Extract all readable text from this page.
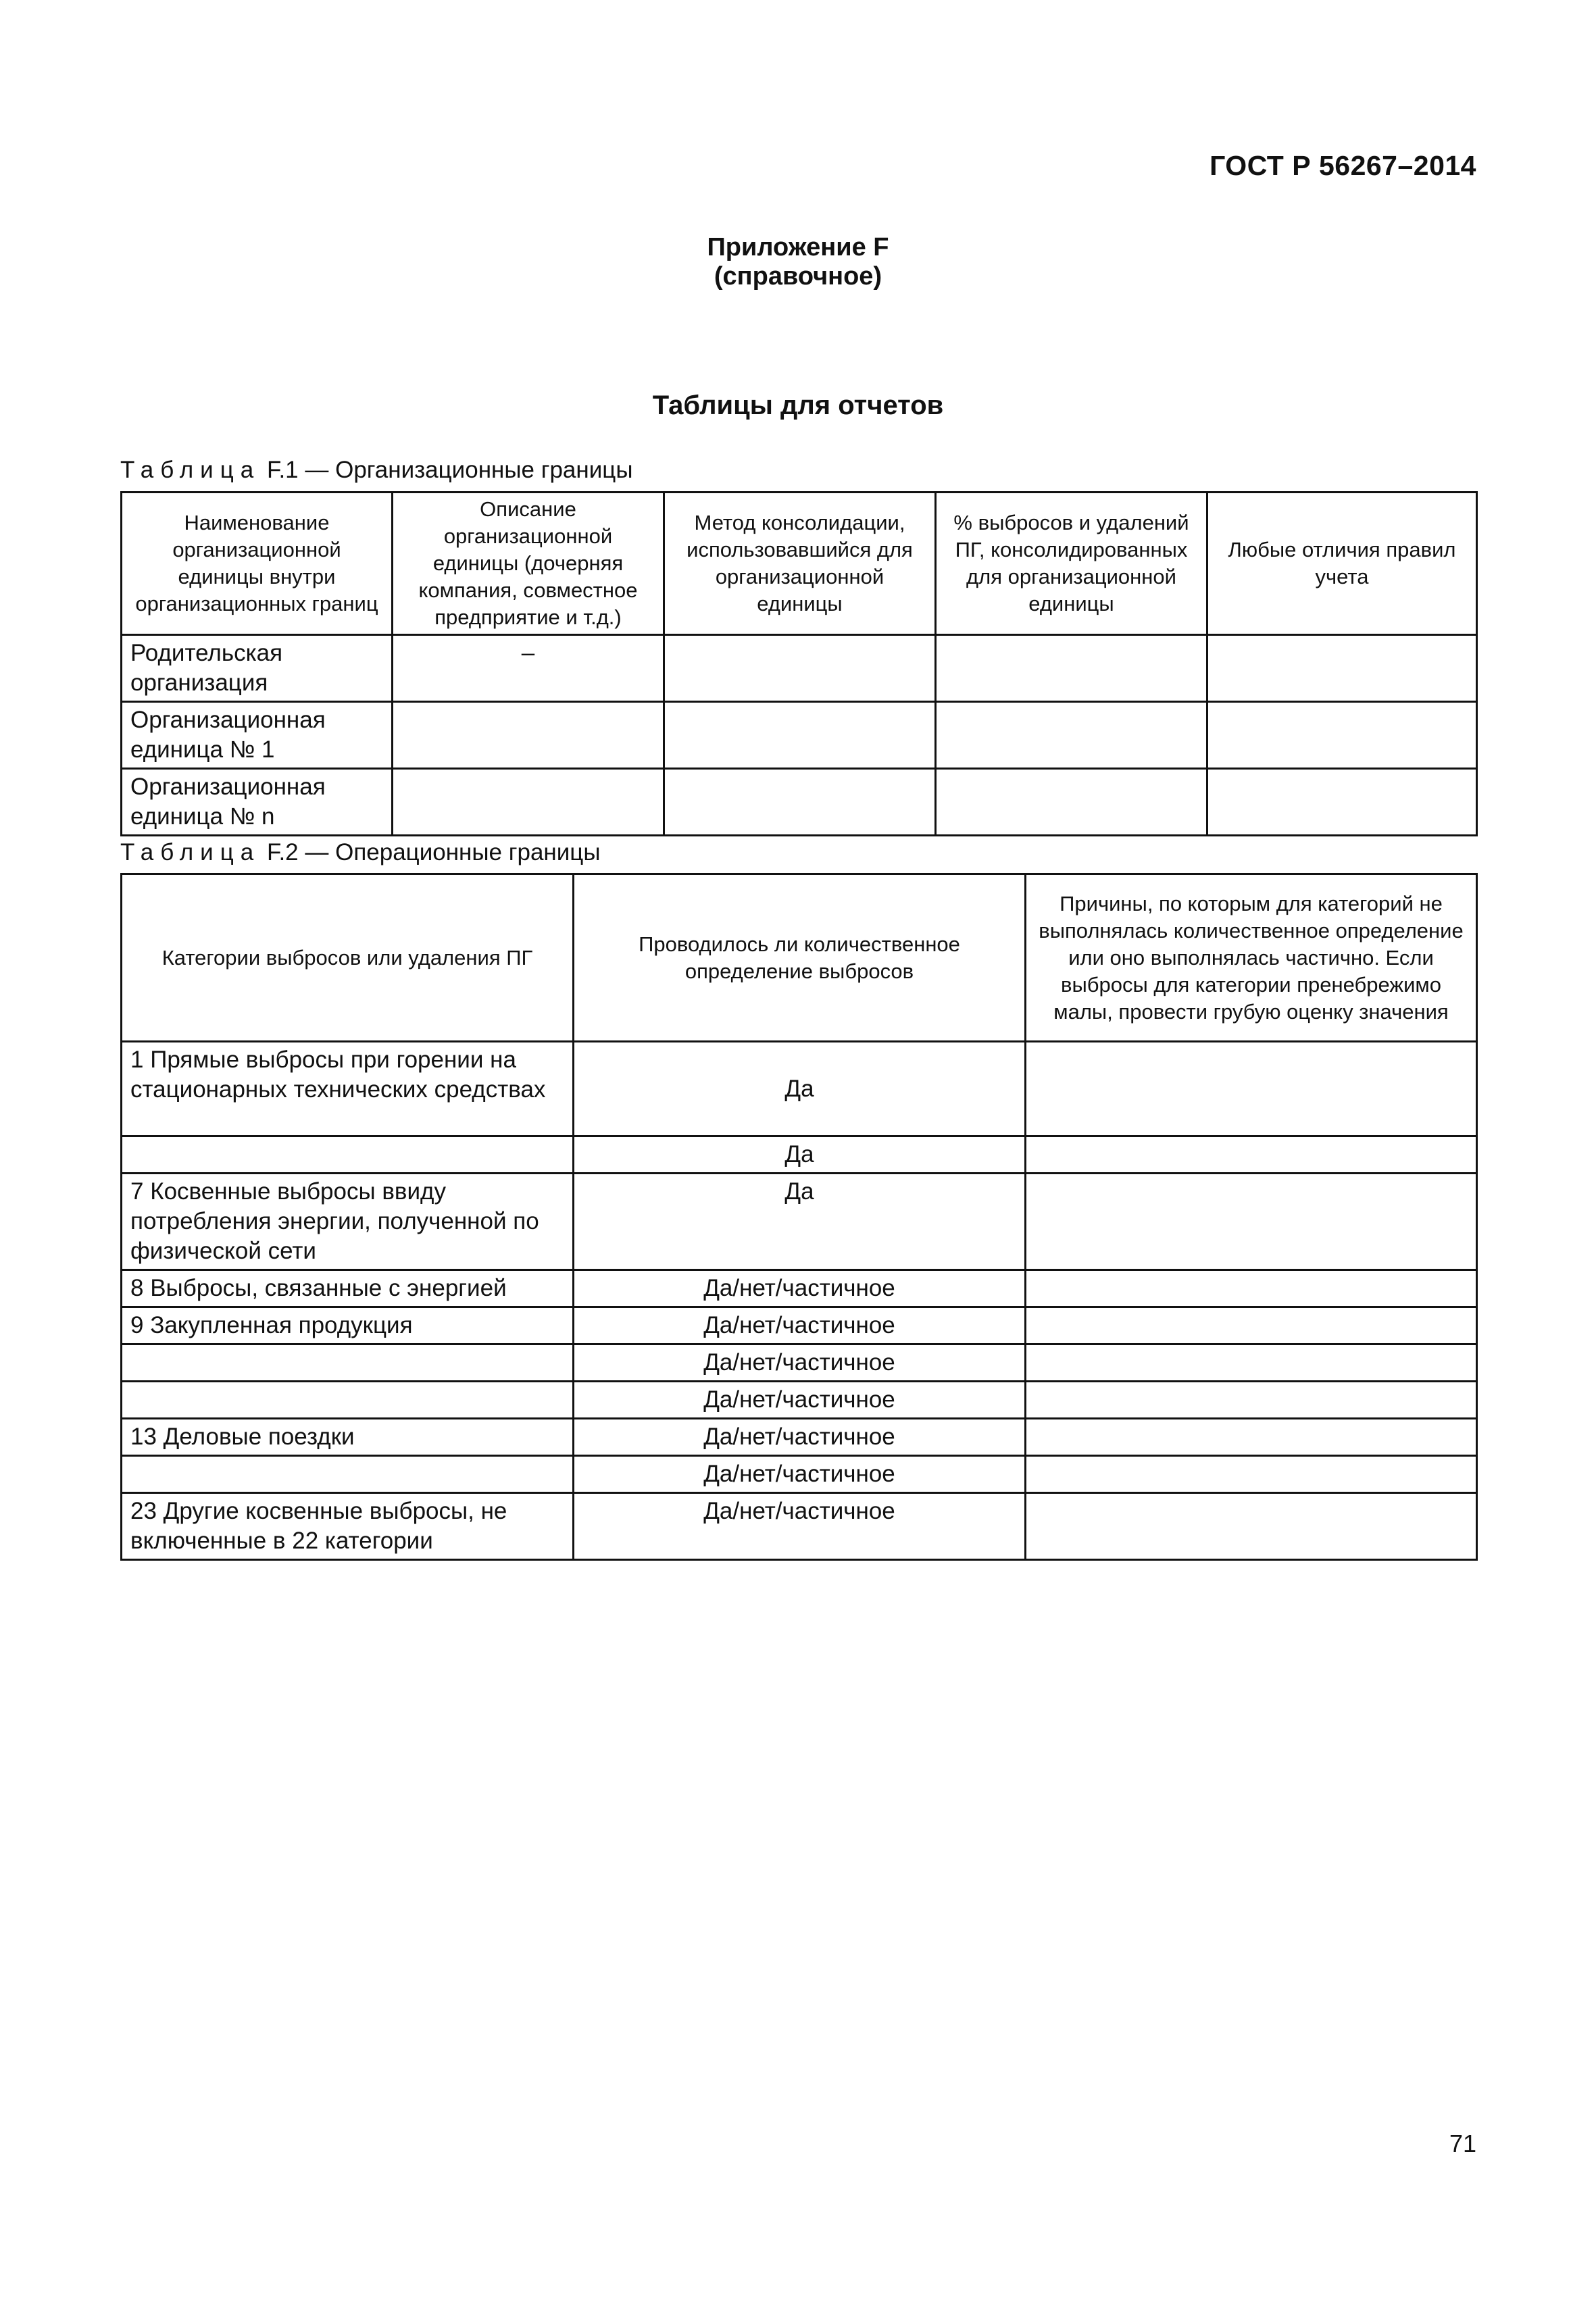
ГОСТ Р 56267–2014
Приложение F
(справочное)
Таблицы для отчетов
Таблица F.1 — Организационные границы
Наименование организационной единицы внутри организационных границ	Описание организационной единицы (дочерняя компания, совместное предприятие и т.д.)	Метод консолидации, использовавшийся для организационной единицы	% выбросов и удалений ПГ, консолидированных для организационной единицы	Любые отличия правил учета
Родительская организация	–			
Организационная единица № 1				
Организационная единица № n				
Таблица F.2 — Операционные границы
Категории выбросов или удаления ПГ	Проводилось ли количественное определение выбросов	Причины, по которым для категорий не выполнялась количественное определение или оно выполнялась частично. Если выбросы для категории пренебрежимо малы, провести грубую оценку значения
1 Прямые выбросы при горении на стационарных технических средствах	Да	
	Да	
7 Косвенные выбросы ввиду потребления энергии, полученной по физической сети	Да	
8 Выбросы, связанные с энергией	Да/нет/частичное	
9 Закупленная продукция	Да/нет/частичное	
	Да/нет/частичное	
	Да/нет/частичное	
13 Деловые поездки	Да/нет/частичное	
	Да/нет/частичное	
23 Другие косвенные выбросы, не включенные в 22 категории	Да/нет/частичное	
71
